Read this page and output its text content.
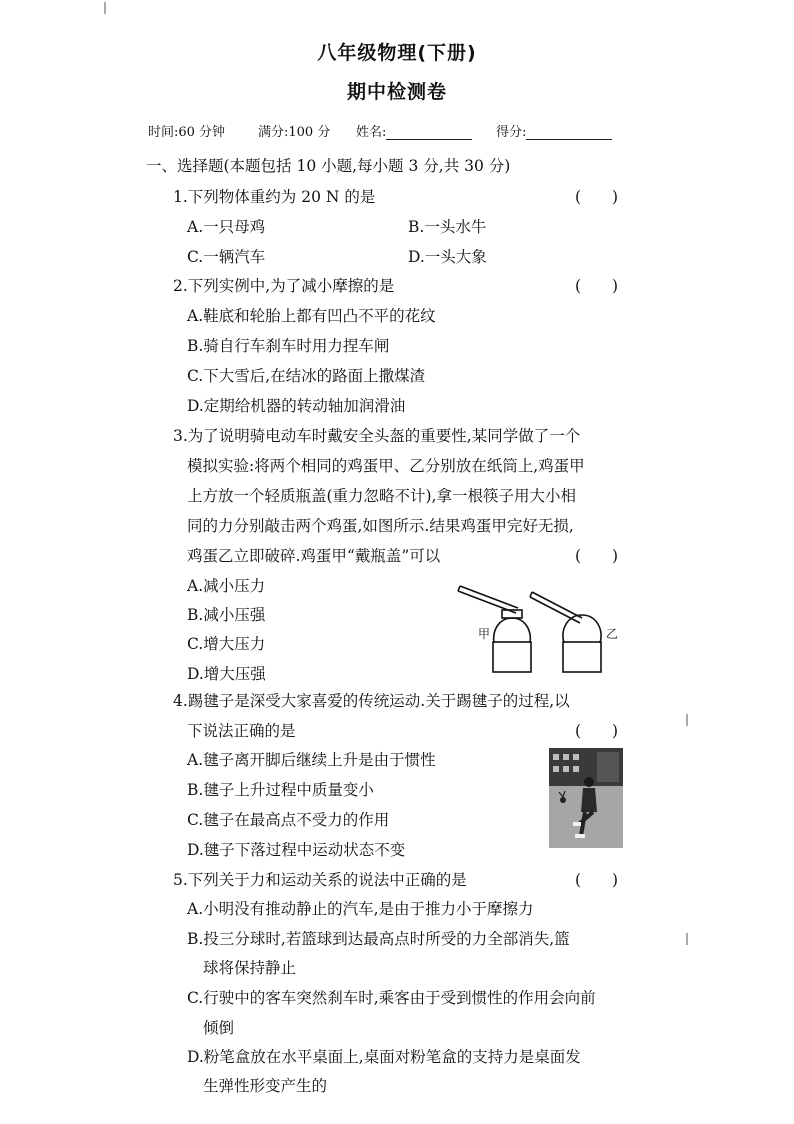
八年级物理(下册)
期中检测卷
时间:60 分钟	满分:100 分 姓名:	得分:
一、选择题(本题包括 10 小题,每小题 3 分,共 30 分)
1.下列物体重约为 20 N 的是	(　　)
A.一只母鸡	B.一头水牛
C.一辆汽车	D.一头大象
2.下列实例中,为了减小摩擦的是	(　　)
A.鞋底和轮胎上都有凹凸不平的花纹
B.骑自行车刹车时用力捏车闸
C.下大雪后,在结冰的路面上撒煤渣
D.定期给机器的转动轴加润滑油
3.为了说明骑电动车时戴安全头盔的重要性,某同学做了一个
模拟实验:将两个相同的鸡蛋甲、乙分别放在纸筒上,鸡蛋甲
上方放一个轻质瓶盖(重力忽略不计),拿一根筷子用大小相
同的力分别敲击两个鸡蛋,如图所示.结果鸡蛋甲完好无损,
鸡蛋乙立即破碎.鸡蛋甲“戴瓶盖”可以	(　　)
A.减小压力
B.减小压强
C.增大压力
D.增大压强
甲	乙
4.踢毽子是深受大家喜爱的传统运动.关于踢毽子的过程,以
下说法正确的是	(　　)
A.毽子离开脚后继续上升是由于惯性
B.毽子上升过程中质量变小
C.毽子在最高点不受力的作用
D.毽子下落过程中运动状态不变
5.下列关于力和运动关系的说法中正确的是	(　　)
A.小明没有推动静止的汽车,是由于推力小于摩擦力
B.投三分球时,若篮球到达最高点时所受的力全部消失,篮
球将保持静止
C.行驶中的客车突然刹车时,乘客由于受到惯性的作用会向前
倾倒
D.粉笔盒放在水平桌面上,桌面对粉笔盒的支持力是桌面发
生弹性形变产生的
